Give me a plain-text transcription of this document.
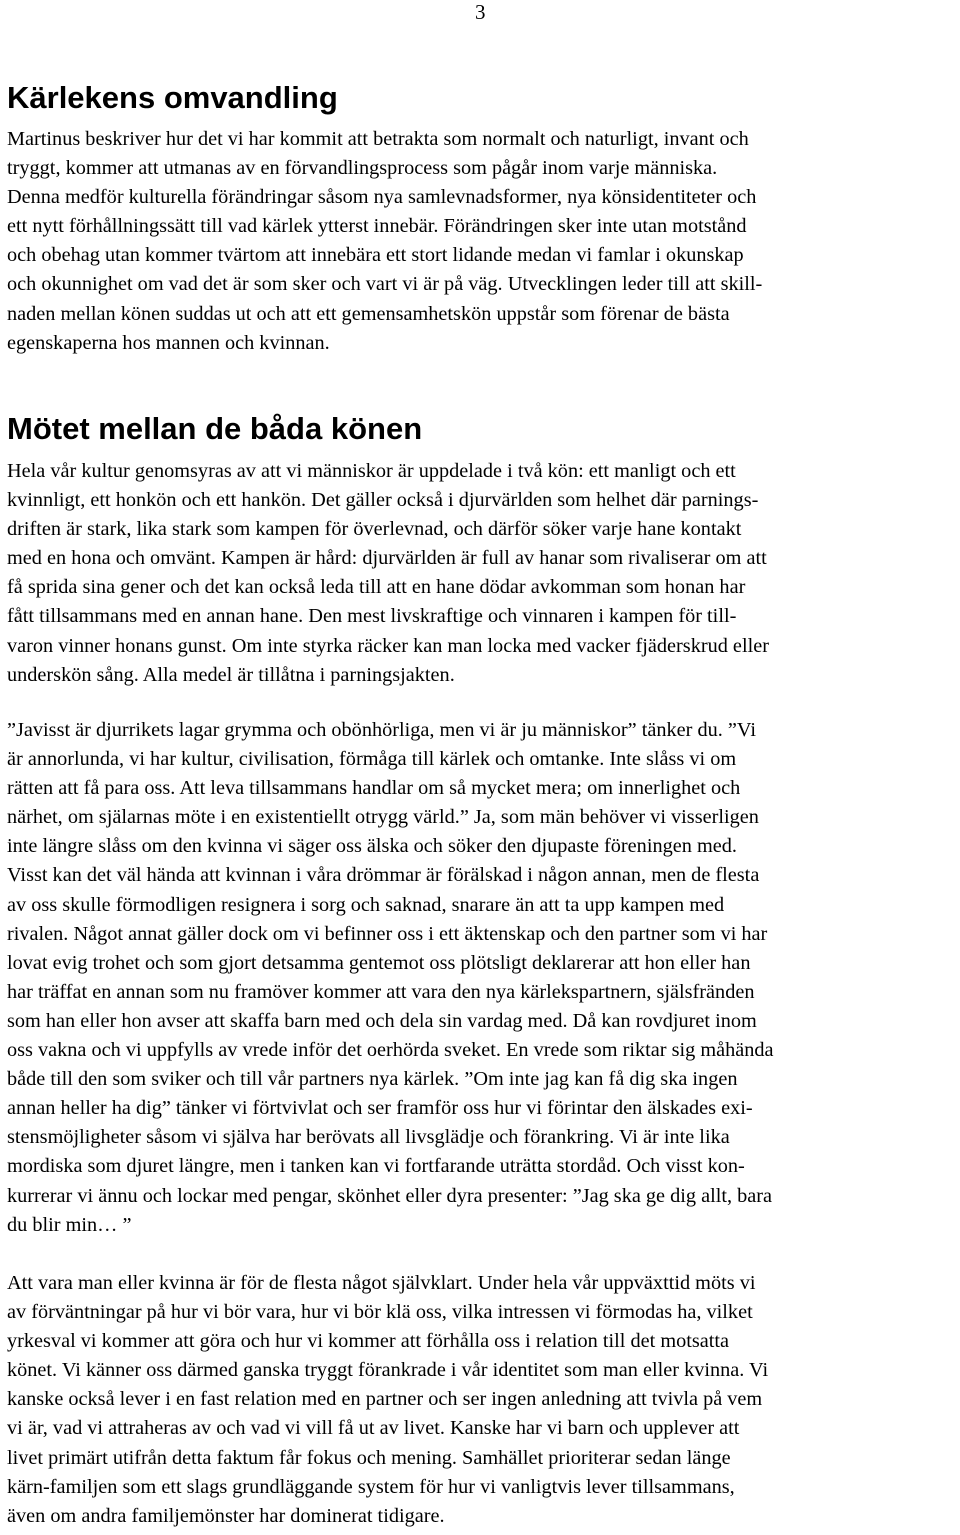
3
Kärlekens omvandling

Martinus beskriver hur det vi har kommit att betrakta som normalt och naturligt, invant och
tryggt, kommer att utmanas av en förvandlingsprocess som pågår inom varje människa.
Denna medför kulturella förändringar såsom nya samlevnadsformer, nya könsidentiteter och
ett nytt förhållningssätt till vad kärlek ytterst innebär. Förändringen sker inte utan motstånd
och obehag utan kommer tvärtom att innebära ett stort lidande medan vi famlar i okunskap
och okunnighet om vad det är som sker och vart vi är på väg. Utvecklingen leder till att skill-
naden mellan könen suddas ut och att ett gemensamhetskön uppstår som förenar de bästa
egenskaperna hos mannen och kvinnan.

Mötet mellan de båda könen

Hela vår kultur genomsyras av att vi människor är uppdelade i två kön: ett manligt och ett
kvinnligt, ett honkön och ett hankön. Det gäller också i djurvärlden som helhet där parnings-
driften är stark, lika stark som kampen för överlevnad, och därför söker varje hane kontakt
med en hona och omvänt. Kampen är hård: djurvärlden är full av hanar som rivaliserar om att
få sprida sina gener och det kan också leda till att en hane dödar avkomman som honan har
fått tillsammans med en annan hane. Den mest livskraftige och vinnaren i kampen för till-
varon vinner honans gunst. Om inte styrka räcker kan man locka med vacker fjäderskrud eller
underskön sång. Alla medel är tillåtna i parningsjakten.

”Javisst är djurrikets lagar grymma och obönhörliga, men vi är ju människor” tänker du. ”Vi
är annorlunda, vi har kultur, civilisation, förmåga till kärlek och omtanke. Inte slåss vi om
rätten att få para oss. Att leva tillsammans handlar om så mycket mera; om innerlighet och
närhet, om själarnas möte i en existentiellt otrygg värld.” Ja, som män behöver vi visserligen
inte längre slåss om den kvinna vi säger oss älska och söker den djupaste föreningen med.
Visst kan det väl hända att kvinnan i våra drömmar är förälskad i någon annan, men de flesta
av oss skulle förmodligen resignera i sorg och saknad, snarare än att ta upp kampen med
rivalen. Något annat gäller dock om vi befinner oss i ett äktenskap och den partner som vi har
lovat evig trohet och som gjort detsamma gentemot oss plötsligt deklarerar att hon eller han
har träffat en annan som nu framöver kommer att vara den nya kärlekspartnern, själsfränden
som han eller hon avser att skaffa barn med och dela sin vardag med. Då kan rovdjuret inom
oss vakna och vi uppfylls av vrede inför det oerhörda sveket. En vrede som riktar sig måhända
både till den som sviker och till vår partners nya kärlek. ”Om inte jag kan få dig ska ingen
annan heller ha dig” tänker vi förtvivlat och ser framför oss hur vi förintar den älskades exi-
stensmöjligheter såsom vi själva har berövats all livsglädje och förankring. Vi är inte lika
mordiska som djuret längre, men i tanken kan vi fortfarande uträtta stordåd. Och visst kon-
kurrerar vi ännu och lockar med pengar, skönhet eller dyra presenter: ”Jag ska ge dig allt, bara
du blir min… ”

Att vara man eller kvinna är för de flesta något självklart. Under hela vår uppväxttid möts vi
av förväntningar på hur vi bör vara, hur vi bör klä oss, vilka intressen vi förmodas ha, vilket
yrkesval vi kommer att göra och hur vi kommer att förhålla oss i relation till det motsatta
könet. Vi känner oss därmed ganska tryggt förankrade i vår identitet som man eller kvinna. Vi
kanske också lever i en fast relation med en partner och ser ingen anledning att tvivla på vem
vi är, vad vi attraheras av och vad vi vill få ut av livet. Kanske har vi barn och upplever att
livet primärt utifrån detta faktum får fokus och mening. Samhället prioriterar sedan länge
kärn-familjen som ett slags grundläggande system för hur vi vanligtvis lever tillsammans,
även om andra familjemönster har dominerat tidigare.
